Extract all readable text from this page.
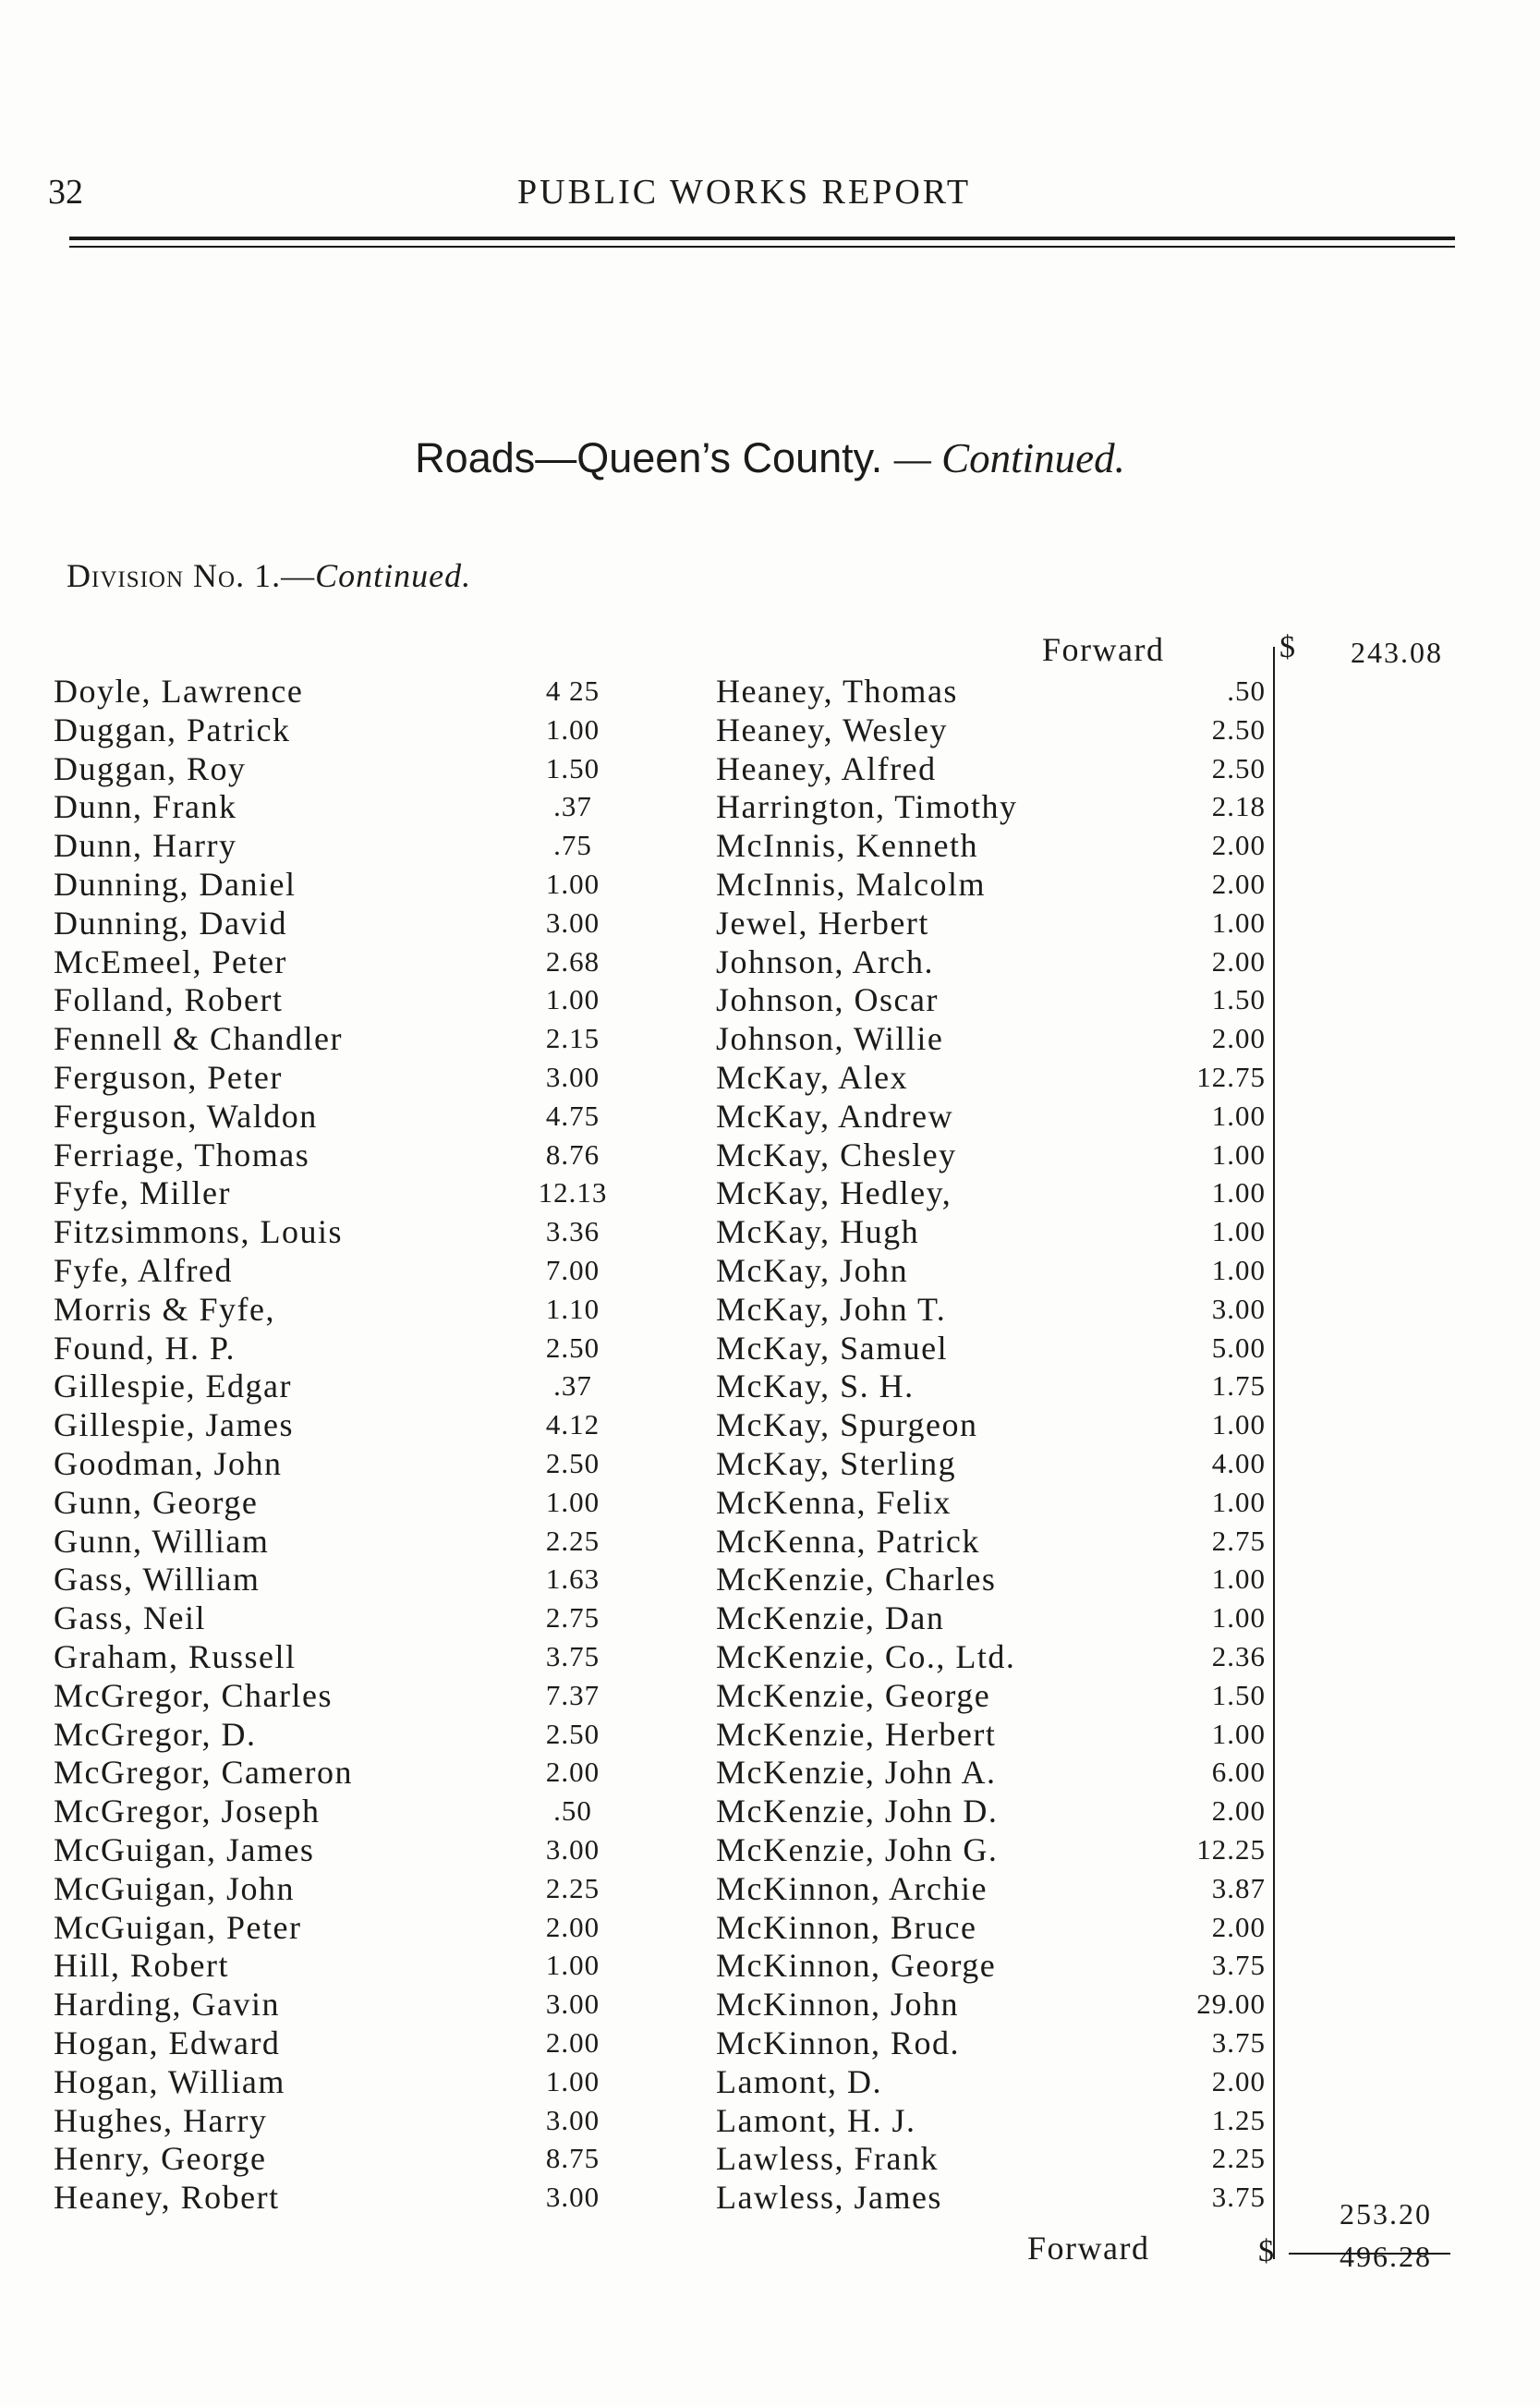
32	PUBLIC WORKS REPORT
Roads—Queen’s County. — Continued.
Division No. 1.—Continued.
Forward	$ 243.08
Doyle, Lawrence	4 25
Duggan, Patrick	1.00
Duggan, Roy	1.50
Dunn, Frank	.37
Dunn, Harry	.75
Dunning, Daniel	1.00
Dunning, David	3.00
McEmeel, Peter	2.68
Folland, Robert	1.00
Fennell & Chandler	2.15
Ferguson, Peter	3.00
Ferguson, Waldon	4.75
Ferriage, Thomas	8.76
Fyfe, Miller	12.13
Fitzsimmons, Louis	3.36
Fyfe, Alfred	7.00
Morris & Fyfe,	1.10
Found, H. P.	2.50
Gillespie, Edgar	.37
Gillespie, James	4.12
Goodman, John	2.50
Gunn, George	1.00
Gunn, William	2.25
Gass, William	1.63
Gass, Neil	2.75
Graham, Russell	3.75
McGregor, Charles	7.37
McGregor, D.	2.50
McGregor, Cameron	2.00
McGregor, Joseph	.50
McGuigan, James	3.00
McGuigan, John	2.25
McGuigan, Peter	2.00
Hill, Robert	1.00
Harding, Gavin	3.00
Hogan, Edward	2.00
Hogan, William	1.00
Hughes, Harry	3.00
Henry, George	8.75
Heaney, Robert	3.00
Heaney, Thomas	.50
Heaney, Wesley	2.50
Heaney, Alfred	2.50
Harrington, Timothy	2.18
McInnis, Kenneth	2.00
McInnis, Malcolm	2.00
Jewel, Herbert	1.00
Johnson, Arch.	2.00
Johnson, Oscar	1.50
Johnson, Willie	2.00
McKay, Alex	12.75
McKay, Andrew	1.00
McKay, Chesley	1.00
McKay, Hedley,	1.00
McKay, Hugh	1.00
McKay, John	1.00
McKay, John T.	3.00
McKay, Samuel	5.00
McKay, S. H.	1.75
McKay, Spurgeon	1.00
McKay, Sterling	4.00
McKenna, Felix	1.00
McKenna, Patrick	2.75
McKenzie, Charles	1.00
McKenzie, Dan	1.00
McKenzie, Co., Ltd.	2.36
McKenzie, George	1.50
McKenzie, Herbert	1.00
McKenzie, John A.	6.00
McKenzie, John D.	2.00
McKenzie, John G.	12.25
McKinnon, Archie	3.87
McKinnon, Bruce	2.00
McKinnon, George	3.75
McKinnon, John	29.00
McKinnon, Rod.	3.75
Lamont, D.	2.00
Lamont, H. J.	1.25
Lawless, Frank	2.25
Lawless, James	3.75
253.20
Forward	$ 496.28
